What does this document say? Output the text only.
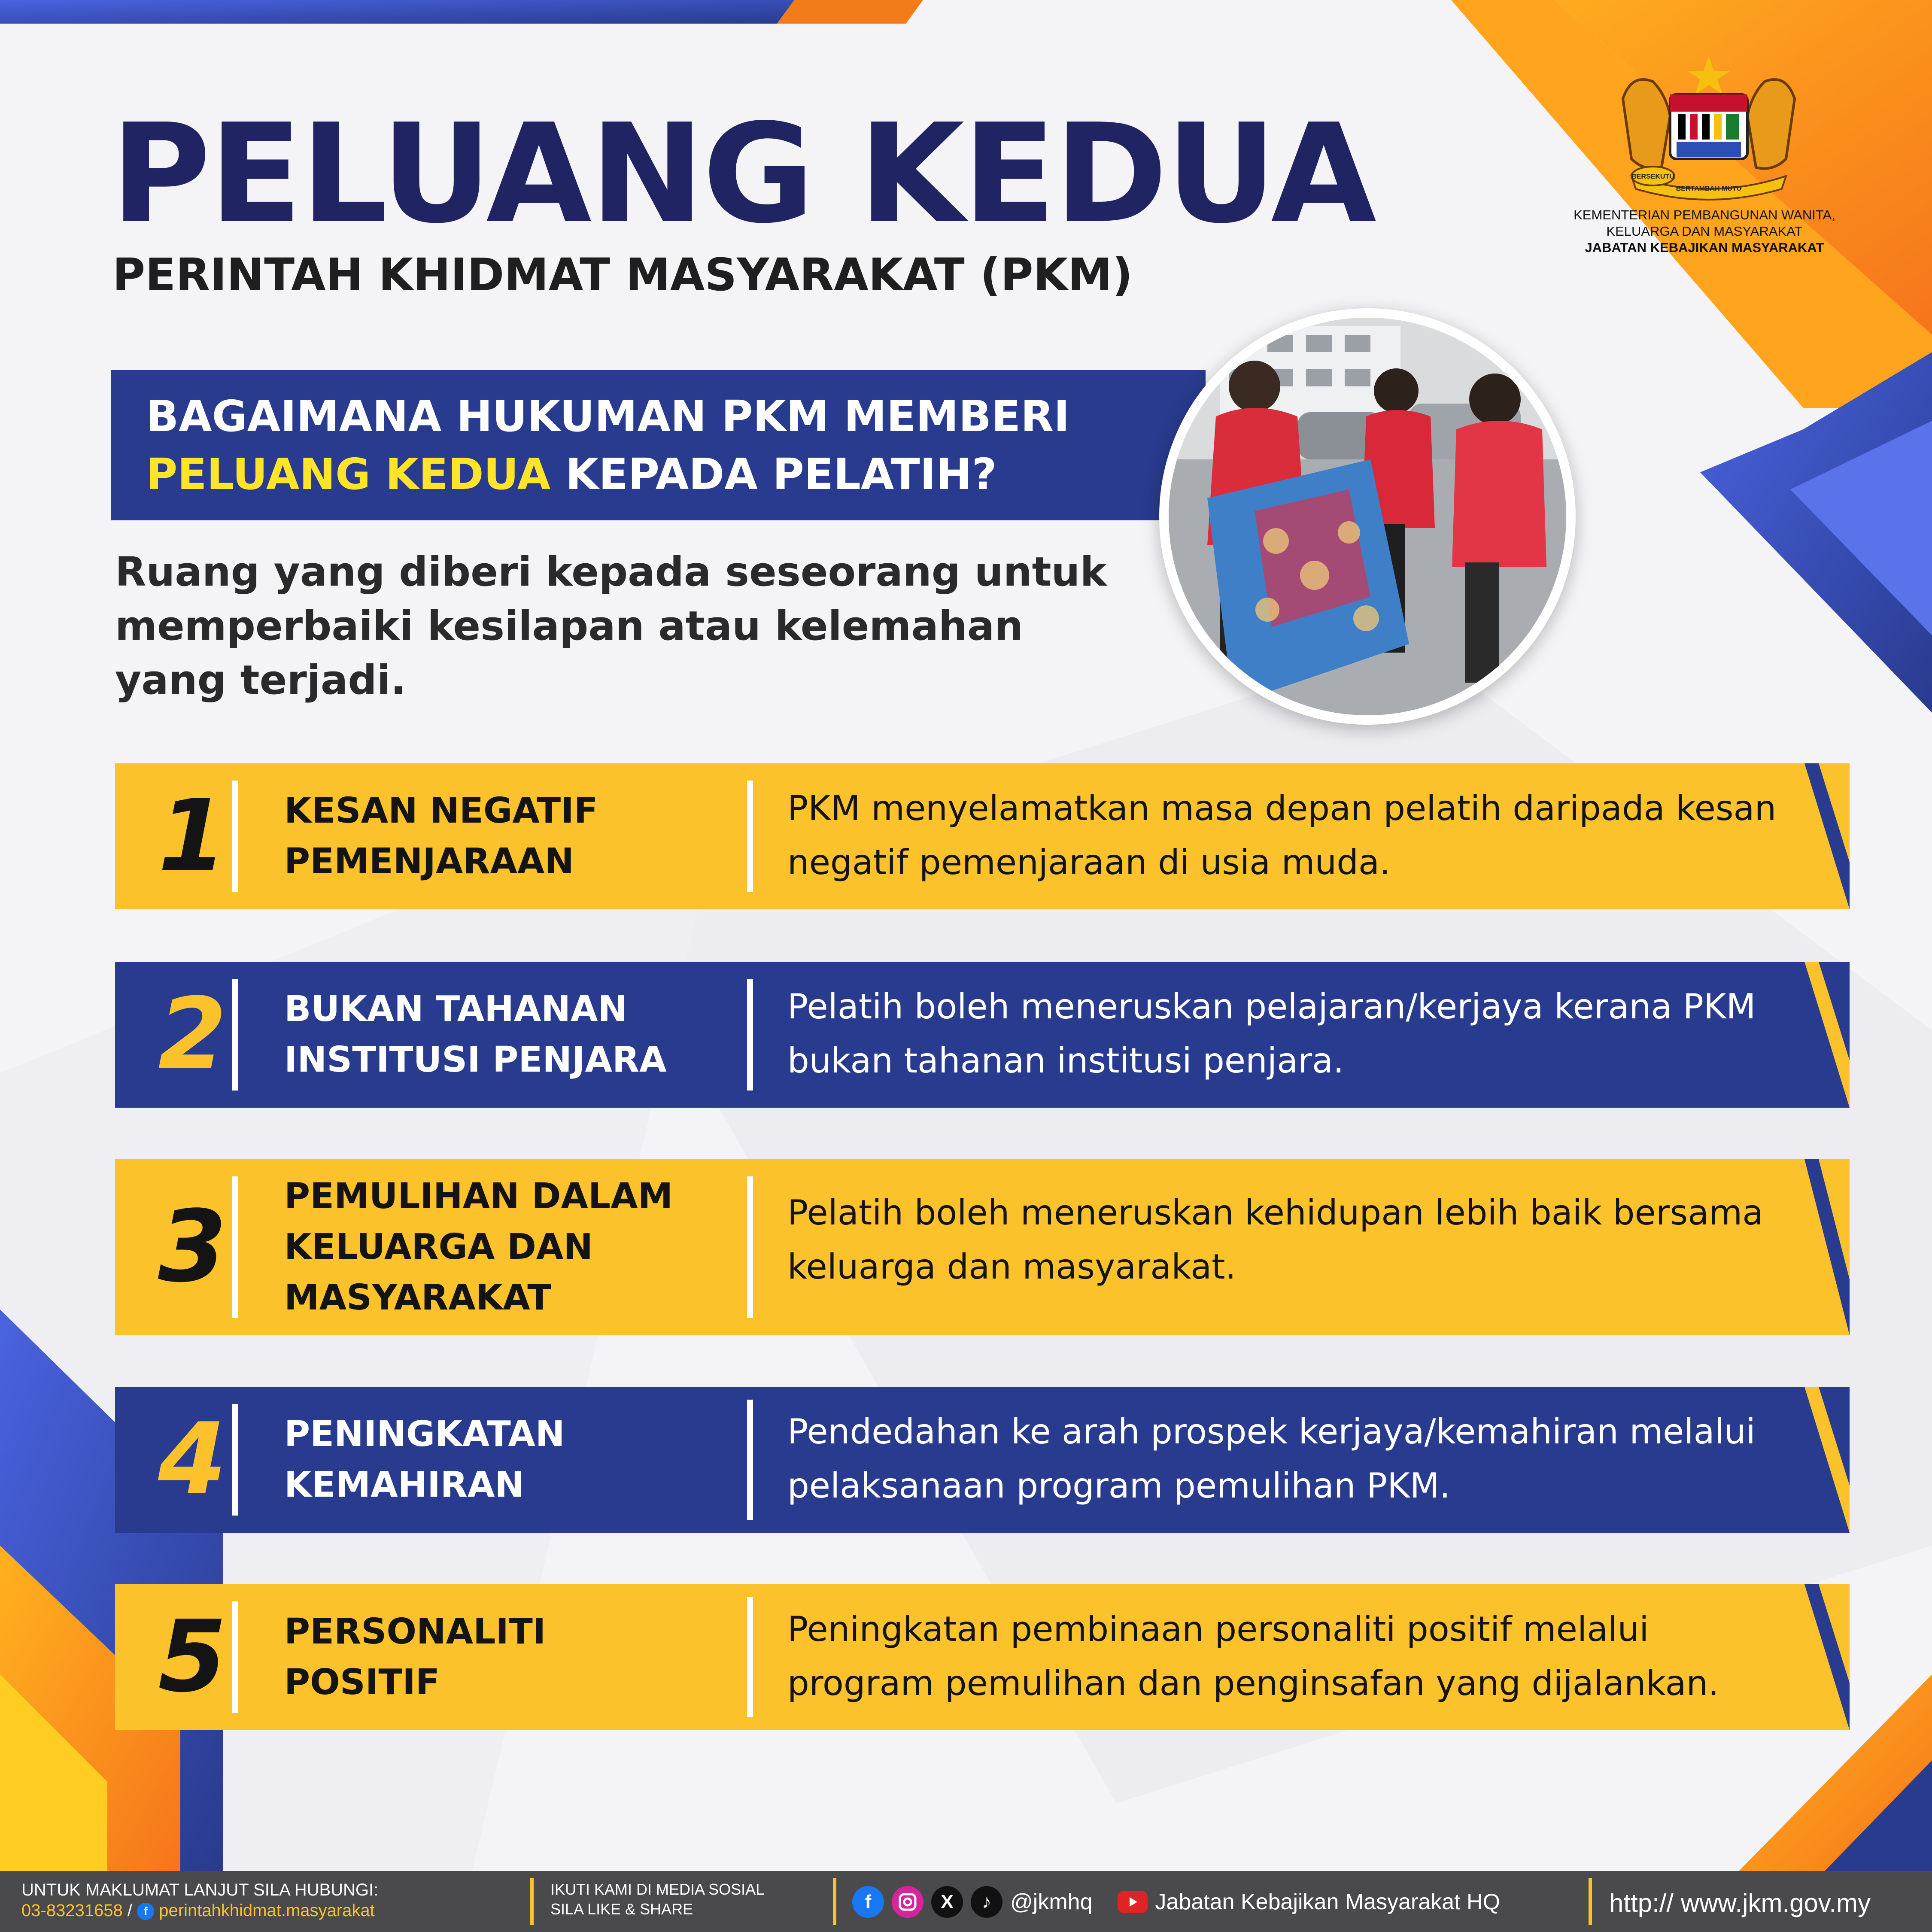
PELUANG KEDUA
PERINTAH KHIDMAT MASYARAKAT (PKM)
BERSEKUTU
BERTAMBAH MUTU
KEMENTERIAN PEMBANGUNAN WANITA,
KELUARGA DAN MASYARAKAT
JABATAN KEBAJIKAN MASYARAKAT
BAGAIMANA HUKUMAN PKM MEMBERI
PELUANG KEDUA KEPADA PELATIH?

Ruang yang diberi kepada seseorang untuk memperbaiki kesilapan atau kelemahan yang terjadi.

1	KESAN NEGATIF
PEMENJARAAN
PKM menyelamatkan masa depan pelatih daripada kesan negatif pemenjaraan di usia muda.
2	BUKAN TAHANAN
INSTITUSI PENJARA
Pelatih boleh meneruskan pelajaran/kerjaya kerana PKM bukan tahanan institusi penjara.
3	PEMULIHAN DALAM
KELUARGA DAN
MASYARAKAT
Pelatih boleh meneruskan kehidupan lebih baik bersama keluarga dan masyarakat.
4	PENINGKATAN
KEMAHIRAN
Pendedahan ke arah prospek kerjaya/kemahiran melalui pelaksanaan program pemulihan PKM.
5	PERSONALITI
POSITIF
Peningkatan pembinaan personaliti positif melalui program pemulihan dan penginsafan yang dijalankan.
UNTUK MAKLUMAT LANJUT SILA HUBUNGI:
03-83231658 / f perintahkhidmat.masyarakat
IKUTI KAMI DI MEDIA SOSIAL
SILA LIKE & SHARE	f	X	♪ @jkmhq	Jabatan Kebajikan Masyarakat HQ	http:// www.jkm.gov.my
